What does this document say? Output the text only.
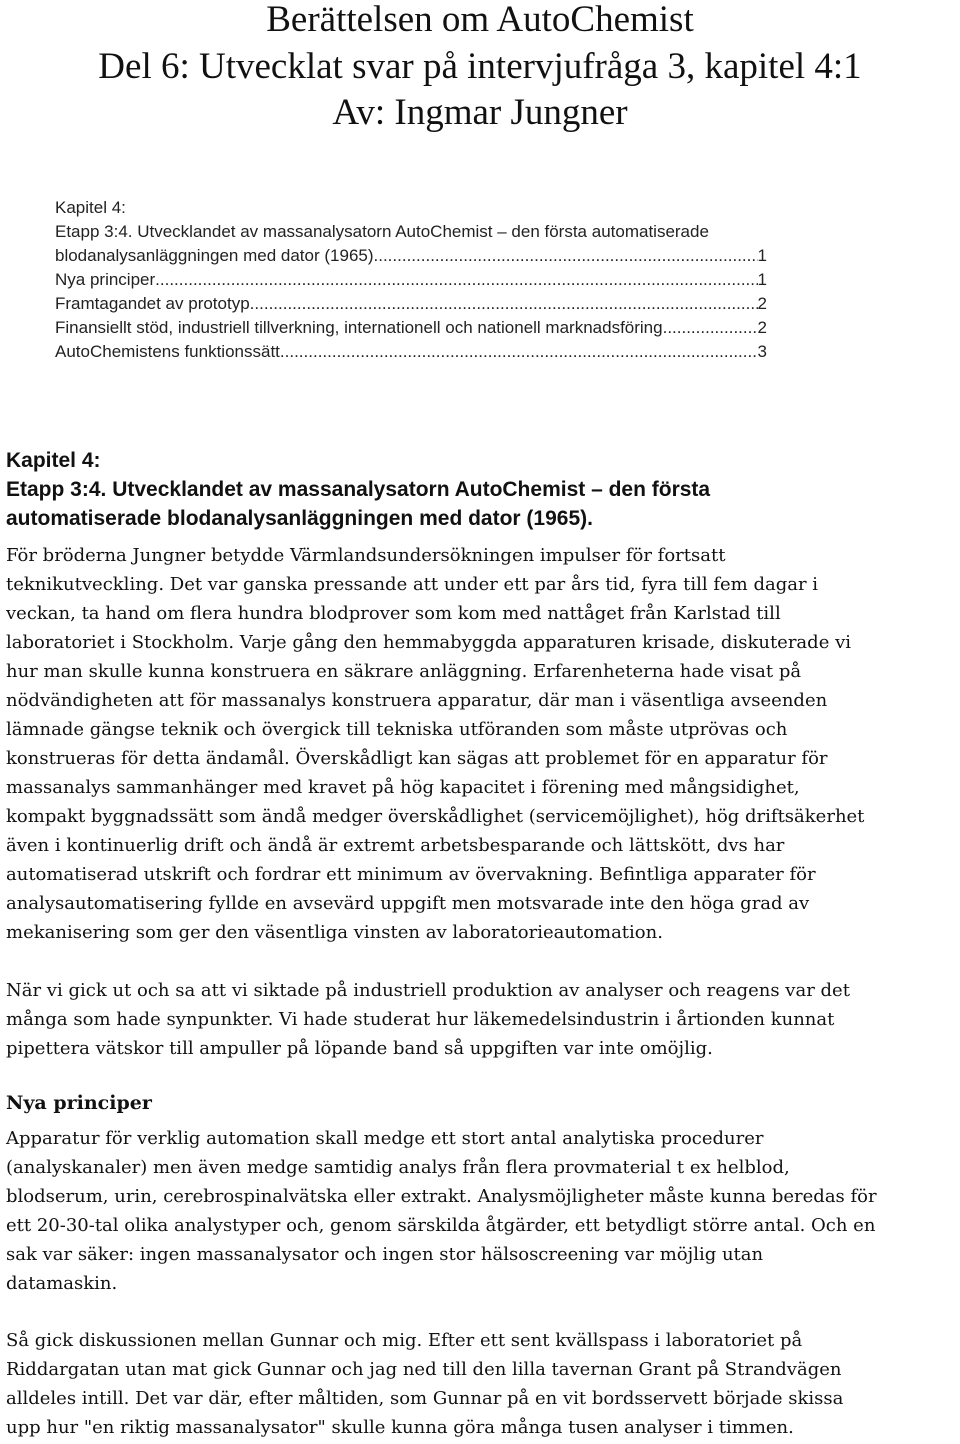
Berättelsen om AutoChemist
Del 6: Utvecklat svar på intervjufråga 3, kapitel 4:1
Av: Ingmar Jungner
Kapitel 4:
Etapp 3:4. Utvecklandet av massanalysatorn AutoChemist – den första automatiserade
blodanalysanläggningen med dator (1965) .....	1
Nya principer .....	1
Framtagandet av prototyp .....	2
Finansiellt stöd, industriell tillverkning, internationell och nationell marknadsföring .....	2
AutoChemistens funktionssätt .....	3
Kapitel 4:
Etapp 3:4. Utvecklandet av massanalysatorn AutoChemist – den första
automatiserade blodanalysanläggningen med dator (1965).
För bröderna Jungner betydde Värmlandsundersökningen impulser för fortsatt
teknikutveckling. Det var ganska pressande att under ett par års tid, fyra till fem dagar i
veckan, ta hand om flera hundra blodprover som kom med nattåget från Karlstad till
laboratoriet i Stockholm. Varje gång den hemmabyggda apparaturen krisade, diskuterade vi
hur man skulle kunna konstruera en säkrare anläggning. Erfarenheterna hade visat på
nödvändigheten att för massanalys konstruera apparatur, där man i väsentliga avseenden
lämnade gängse teknik och övergick till tekniska utföranden som måste utprövas och
konstrueras för detta ändamål. Överskådligt kan sägas att problemet för en apparatur för
massanalys sammanhänger med kravet på hög kapacitet i förening med mångsidighet,
kompakt byggnadssätt som ändå medger överskådlighet (servicemöjlighet), hög driftsäkerhet
även i kontinuerlig drift och ändå är extremt arbetsbesparande och lättskött, dvs har
automatiserad utskrift och fordrar ett minimum av övervakning. Befintliga apparater för
analysautomatisering fyllde en avsevärd uppgift men motsvarade inte den höga grad av
mekanisering som ger den väsentliga vinsten av laboratorieautomation.
När vi gick ut och sa att vi siktade på industriell produktion av analyser och reagens var det
många som hade synpunkter. Vi hade studerat hur läkemedelsindustrin i årtionden kunnat
pipettera vätskor till ampuller på löpande band så uppgiften var inte omöjlig.
Nya principer
Apparatur för verklig automation skall medge ett stort antal analytiska procedurer
(analyskanaler) men även medge samtidig analys från flera provmaterial t ex helblod,
blodserum, urin, cerebrospinalvätska eller extrakt. Analysmöjligheter måste kunna beredas för
ett 20-30-tal olika analystyper och, genom särskilda åtgärder, ett betydligt större antal. Och en
sak var säker: ingen massanalysator och ingen stor hälsoscreening var möjlig utan
datamaskin.
Så gick diskussionen mellan Gunnar och mig. Efter ett sent kvällspass i laboratoriet på
Riddargatan utan mat gick Gunnar och jag ned till den lilla tavernan Grant på Strandvägen
alldeles intill. Det var där, efter måltiden, som Gunnar på en vit bordsservett började skissa
upp hur "en riktig massanalysator" skulle kunna göra många tusen analyser i timmen.
